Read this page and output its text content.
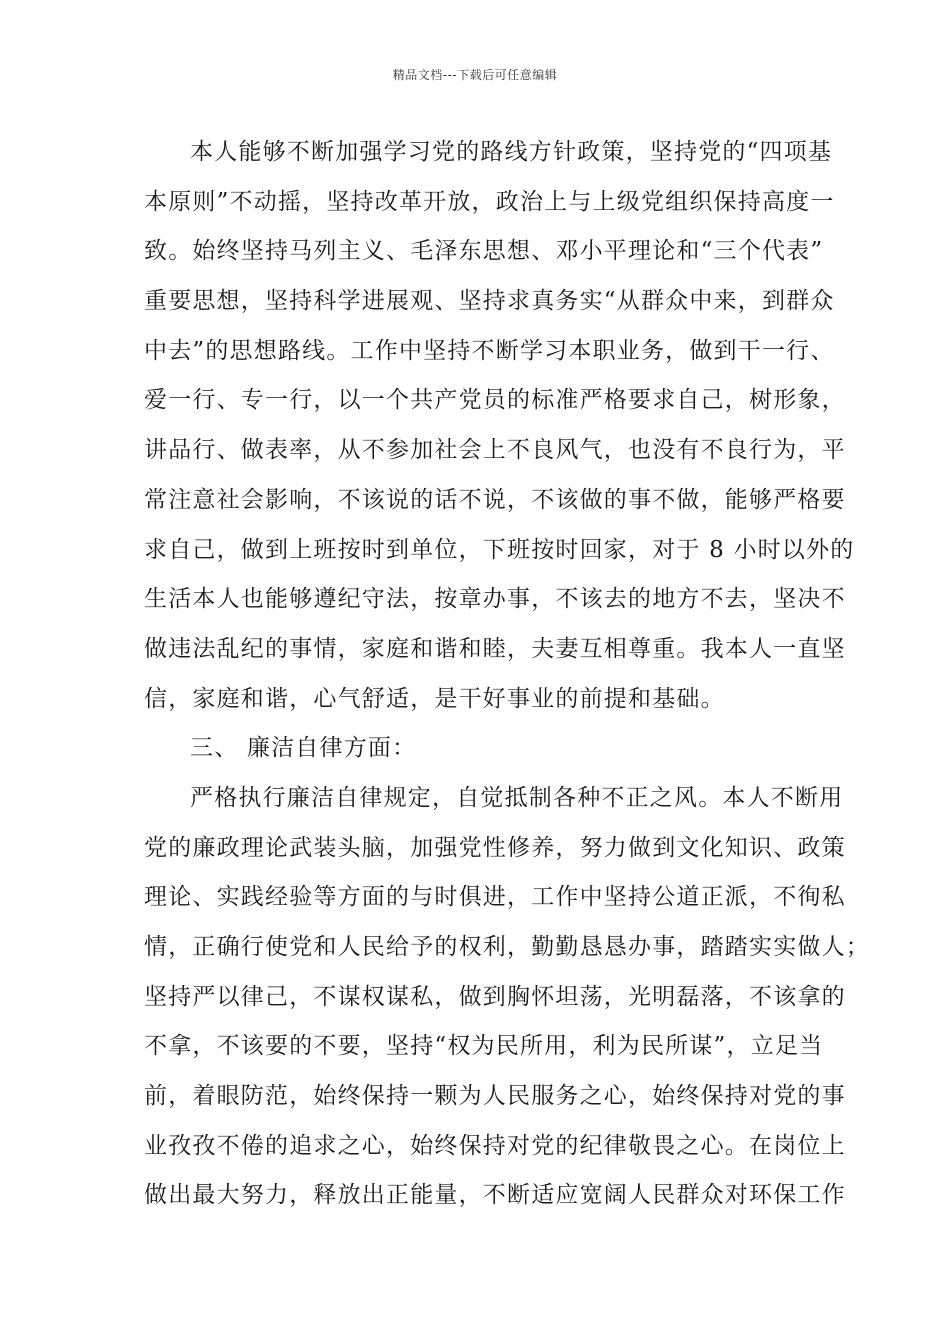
精品文档---下载后可任意编辑
本人能够不断加强学习党的路线方针政策，坚持党的“四项基
本原则”不动摇，坚持改革开放，政治上与上级党组织保持高度一
致。始终坚持马列主义、毛泽东思想、邓小平理论和“三个代表”
重要思想，坚持科学进展观、坚持求真务实“从群众中来，到群众
中去”的思想路线。工作中坚持不断学习本职业务，做到干一行、
爱一行、专一行，以一个共产党员的标准严格要求自己，树形象，
讲品行、做表率，从不参加社会上不良风气，也没有不良行为，平
常注意社会影响，不该说的话不说，不该做的事不做，能够严格要
求自己，做到上班按时到单位，下班按时回家，对于 8 小时以外的
生活本人也能够遵纪守法，按章办事，不该去的地方不去，坚决不
做违法乱纪的事情，家庭和谐和睦，夫妻互相尊重。我本人一直坚
信，家庭和谐，心气舒适，是干好事业的前提和基础。
三、 廉洁自律方面：
严格执行廉洁自律规定，自觉抵制各种不正之风。本人不断用
党的廉政理论武装头脑，加强党性修养，努力做到文化知识、政策
理论、实践经验等方面的与时俱进，工作中坚持公道正派，不徇私
情，正确行使党和人民给予的权利，勤勤恳恳办事，踏踏实实做人；
坚持严以律己，不谋权谋私，做到胸怀坦荡，光明磊落，不该拿的
不拿，不该要的不要，坚持“权为民所用，利为民所谋”，立足当
前，着眼防范，始终保持一颗为人民服务之心，始终保持对党的事
业孜孜不倦的追求之心，始终保持对党的纪律敬畏之心。在岗位上
做出最大努力，释放出正能量，不断适应宽阔人民群众对环保工作
